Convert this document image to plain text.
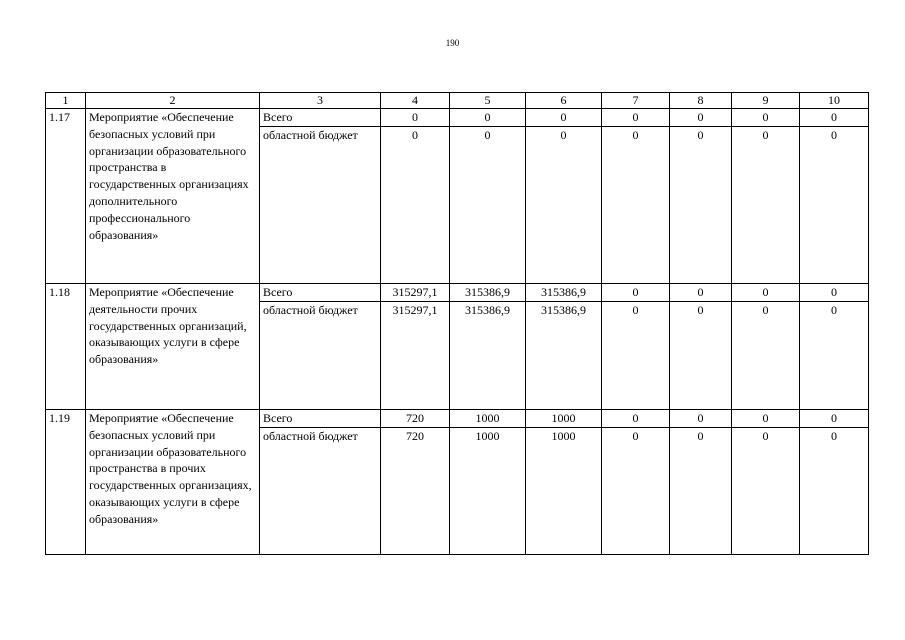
190
1	2	3	4	5	6	7	8	9	10
1.17	Мероприятие «Обеспечение безопасных условий при организации образовательного пространства в государственных организациях дополнительного профессионального образования»	Всего	0	0	0	0	0	0	0
		областной бюджет	0	0	0	0	0	0	0
1.18	Мероприятие «Обеспечение деятельности прочих государственных организаций, оказывающих услуги в сфере образования»	Всего	315297,1	315386,9	315386,9	0	0	0	0
		областной бюджет	315297,1	315386,9	315386,9	0	0	0	0
1.19	Мероприятие «Обеспечение безопасных условий при организации образовательного пространства в прочих государственных организациях, оказывающих услуги в сфере образования»	Всего	720	1000	1000	0	0	0	0
		областной бюджет	720	1000	1000	0	0	0	0
